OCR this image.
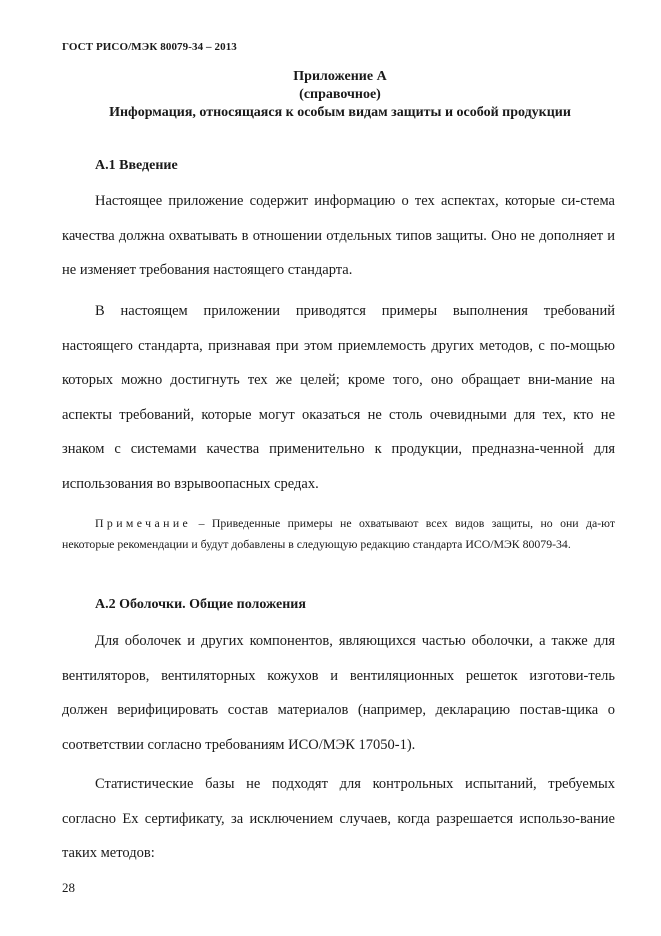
ГОСТ РИСО/МЭК 80079-34 – 2013
Приложение А
(справочное)
Информация, относящаяся к особым видам защиты и особой продукции
А.1 Введение

Настоящее приложение содержит информацию о тех аспектах, которые си-стема качества должна охватывать в отношении отдельных типов защиты. Оно не дополняет и не изменяет требования настоящего стандарта.

В настоящем приложении приводятся примеры выполнения требований настоящего стандарта, признавая при этом приемлемость других методов, с по-мощью которых можно достигнуть тех же целей; кроме того, оно обращает вни-мание на аспекты требований, которые могут оказаться не столь очевидными для тех, кто не знаком с системами качества применительно к продукции, предназна-ченной для использования во взрывоопасных средах.

Примечание – Приведенные примеры не охватывают всех видов защиты, но они да-ют некоторые рекомендации и будут добавлены в следующую редакцию стандарта ИСО/МЭК 80079-34.

А.2 Оболочки. Общие положения

Для оболочек и других компонентов, являющихся частью оболочки, а также для вентиляторов, вентиляторных кожухов и вентиляционных решеток изготови-тель должен верифицировать состав материалов (например, декларацию постав-щика о соответствии согласно требованиям ИСО/МЭК 17050-1).

Статистические базы не подходят для контрольных испытаний, требуемых согласно Ex сертификату, за исключением случаев, когда разрешается использо-вание таких методов:

28
